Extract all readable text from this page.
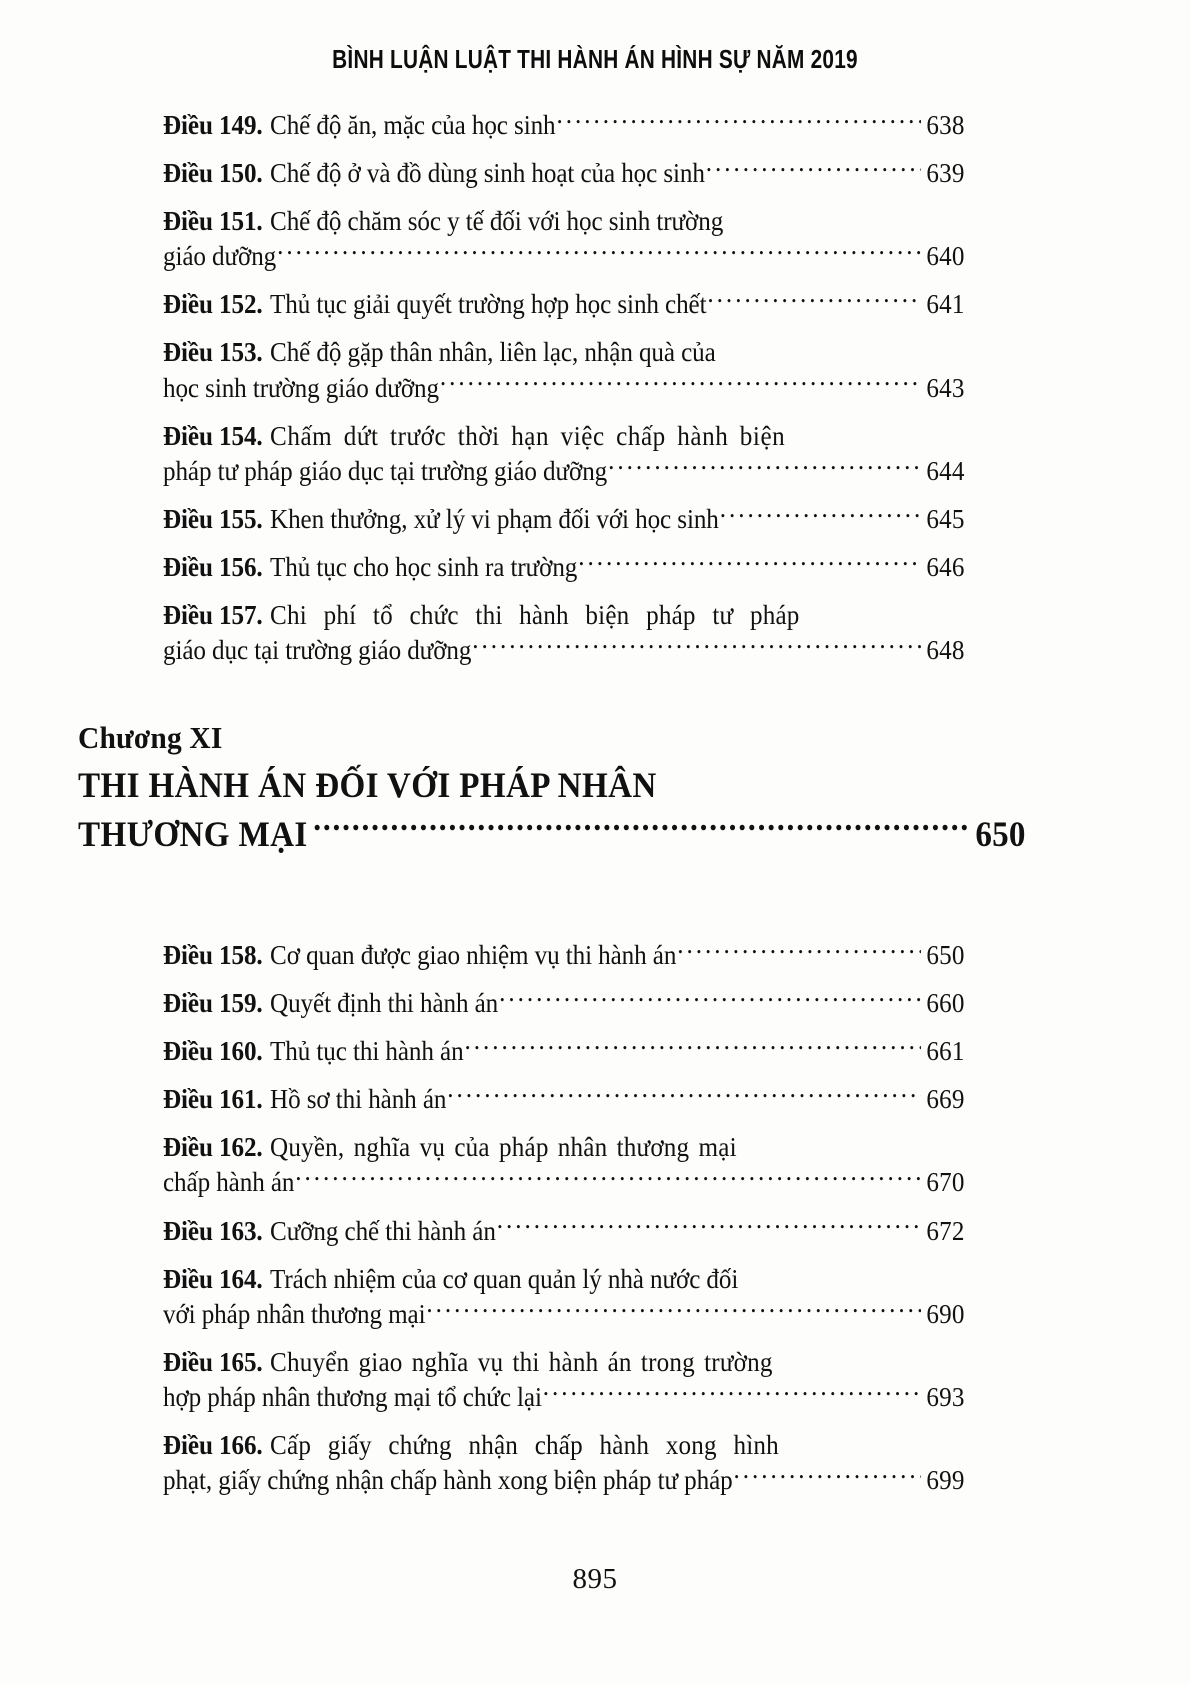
BÌNH LUẬN LUẬT THI HÀNH ÁN HÌNH SỰ NĂM 2019
Điều 149. Chế độ ăn, mặc của học sinh .....	638
Điều 150. Chế độ ở và đồ dùng sinh hoạt của học sinh .....	639
Điều 151. Chế độ chăm sóc y tế đối với học sinh trường
giáo dưỡng .....	640
Điều 152. Thủ tục giải quyết trường hợp học sinh chết .....	641
Điều 153. Chế độ gặp thân nhân, liên lạc, nhận quà của
học sinh trường giáo dưỡng .....	643
Điều 154. Chấm dứt trước thời hạn việc chấp hành biện
pháp tư pháp giáo dục tại trường giáo dưỡng .....	644
Điều 155. Khen thưởng, xử lý vi phạm đối với học sinh .....	645
Điều 156. Thủ tục cho học sinh ra trường .....	646
Điều 157. Chi phí tổ chức thi hành biện pháp tư pháp
giáo dục tại trường giáo dưỡng .....	648
Chương XI
THI HÀNH ÁN ĐỐI VỚI PHÁP NHÂN
THƯƠNG MẠI .....	650
Điều 158. Cơ quan được giao nhiệm vụ thi hành án .....	650
Điều 159. Quyết định thi hành án .....	660
Điều 160. Thủ tục thi hành án .....	661
Điều 161. Hồ sơ thi hành án .....	669
Điều 162. Quyền, nghĩa vụ của pháp nhân thương mại
chấp hành án .....	670
Điều 163. Cưỡng chế thi hành án .....	672
Điều 164. Trách nhiệm của cơ quan quản lý nhà nước đối
với pháp nhân thương mại .....	690
Điều 165. Chuyển giao nghĩa vụ thi hành án trong trường
hợp pháp nhân thương mại tổ chức lại .....	693
Điều 166. Cấp giấy chứng nhận chấp hành xong hình
phạt, giấy chứng nhận chấp hành xong biện pháp tư pháp .....	699
895
